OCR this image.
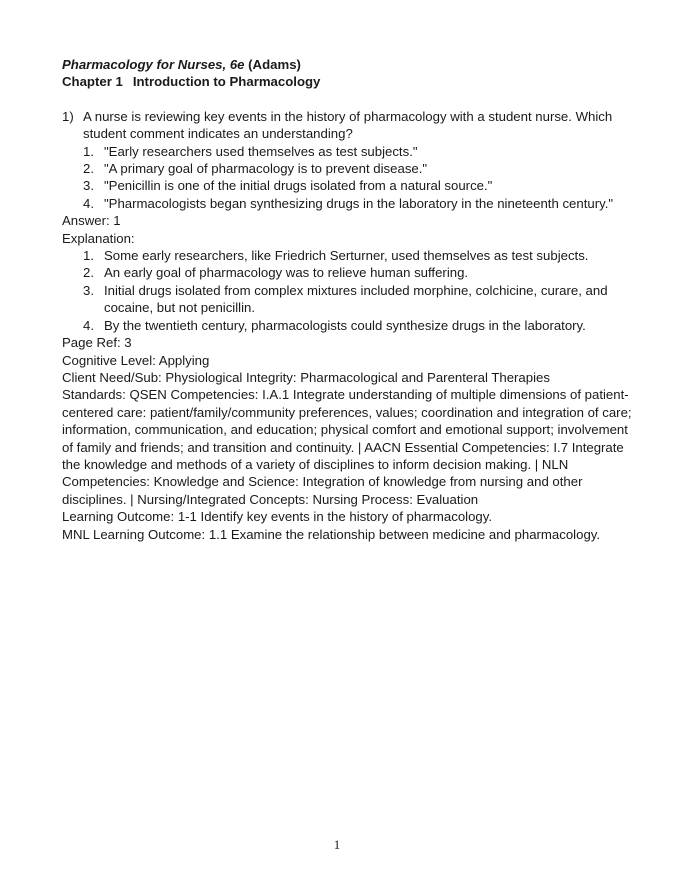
Pharmacology for Nurses, 6e (Adams)

Chapter 1 Introduction to Pharmacology

1) A nurse is reviewing key events in the history of pharmacology with a student nurse. Which student comment indicates an understanding?
1. "Early researchers used themselves as test subjects."
2. "A primary goal of pharmacology is to prevent disease."
3. "Penicillin is one of the initial drugs isolated from a natural source."
4. "Pharmacologists began synthesizing drugs in the laboratory in the nineteenth century."

Answer: 1

Explanation:

1. Some early researchers, like Friedrich Serturner, used themselves as test subjects.
2. An early goal of pharmacology was to relieve human suffering.
3. Initial drugs isolated from complex mixtures included morphine, colchicine, curare, and cocaine, but not penicillin.
4. By the twentieth century, pharmacologists could synthesize drugs in the laboratory.

Page Ref: 3

Cognitive Level: Applying

Client Need/Sub: Physiological Integrity: Pharmacological and Parenteral Therapies

Standards: QSEN Competencies: I.A.1 Integrate understanding of multiple dimensions of patient-centered care: patient/family/community preferences, values; coordination and integration of care; information, communication, and education; physical comfort and emotional support; involvement of family and friends; and transition and continuity. | AACN Essential Competencies: I.7 Integrate the knowledge and methods of a variety of disciplines to inform decision making. | NLN Competencies: Knowledge and Science: Integration of knowledge from nursing and other disciplines. | Nursing/Integrated Concepts: Nursing Process: Evaluation

Learning Outcome: 1-1 Identify key events in the history of pharmacology.

MNL Learning Outcome: 1.1 Examine the relationship between medicine and pharmacology.

1
